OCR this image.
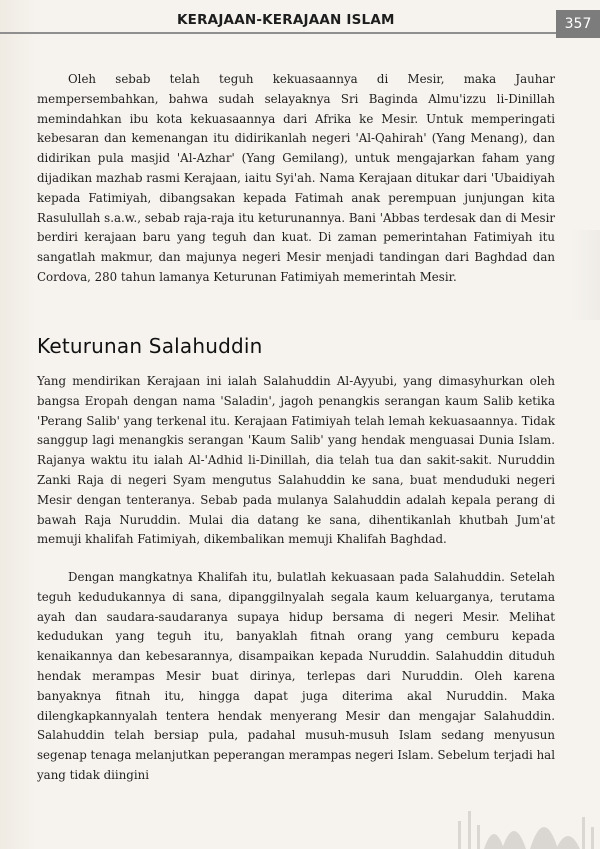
KERAJAAN-KERAJAAN ISLAM	357

Oleh sebab telah teguh kekuasaannya di Mesir, maka Jauhar mempersembahkan, bahwa sudah selayaknya Sri Baginda Almu'izzu li-Dinillah memindahkan ibu kota kekuasaannya dari Afrika ke Mesir. Untuk memperingati kebesaran dan kemenangan itu didirikanlah negeri 'Al-Qahirah' (Yang Menang), dan didirikan pula masjid 'Al-Azhar' (Yang Gemilang), untuk mengajarkan faham yang dijadikan mazhab rasmi Kerajaan, iaitu Syi'ah. Nama Kerajaan ditukar dari 'Ubaidiyah kepada Fatimiyah, dibangsakan kepada Fatimah anak perempuan junjungan kita Rasulullah s.a.w., sebab raja-raja itu keturunannya. Bani 'Abbas terdesak dan di Mesir berdiri kerajaan baru yang teguh dan kuat. Di zaman pemerintahan Fatimiyah itu sangatlah makmur, dan majunya negeri Mesir menjadi tandingan dari Baghdad dan Cordova, 280 tahun lamanya Keturunan Fatimiyah memerintah Mesir.

Keturunan Salahuddin

Yang mendirikan Kerajaan ini ialah Salahuddin Al-Ayyubi, yang dimasyhurkan oleh bangsa Eropah dengan nama 'Saladin', jagoh penangkis serangan kaum Salib ketika 'Perang Salib' yang terkenal itu. Kerajaan Fatimiyah telah lemah kekuasaannya. Tidak sanggup lagi menangkis serangan 'Kaum Salib' yang hendak menguasai Dunia Islam. Rajanya waktu itu ialah Al-'Adhid li-Dinillah, dia telah tua dan sakit-sakit. Nuruddin Zanki Raja di negeri Syam mengutus Salahuddin ke sana, buat menduduki negeri Mesir dengan tenteranya. Sebab pada mulanya Salahuddin adalah kepala perang di bawah Raja Nuruddin. Mulai dia datang ke sana, dihentikanlah khutbah Jum'at memuji khalifah Fatimiyah, dikembalikan memuji Khalifah Baghdad.

Dengan mangkatnya Khalifah itu, bulatlah kekuasaan pada Salahuddin. Setelah teguh kedudukannya di sana, dipanggilnyalah segala kaum keluarganya, terutama ayah dan saudara-saudaranya supaya hidup bersama di negeri Mesir. Melihat kedudukan yang teguh itu, banyaklah fitnah orang yang cemburu kepada kenaikannya dan kebesarannya, disampaikan kepada Nuruddin. Salahuddin dituduh hendak merampas Mesir buat dirinya, terlepas dari Nuruddin. Oleh karena banyaknya fitnah itu, hingga dapat juga diterima akal Nuruddin. Maka dilengkapkannyalah tentera hendak menyerang Mesir dan mengajar Salahuddin. Salahuddin telah bersiap pula, padahal musuh-musuh Islam sedang menyusun segenap tenaga melanjutkan peperangan merampas negeri Islam. Sebelum terjadi hal yang tidak diingini
